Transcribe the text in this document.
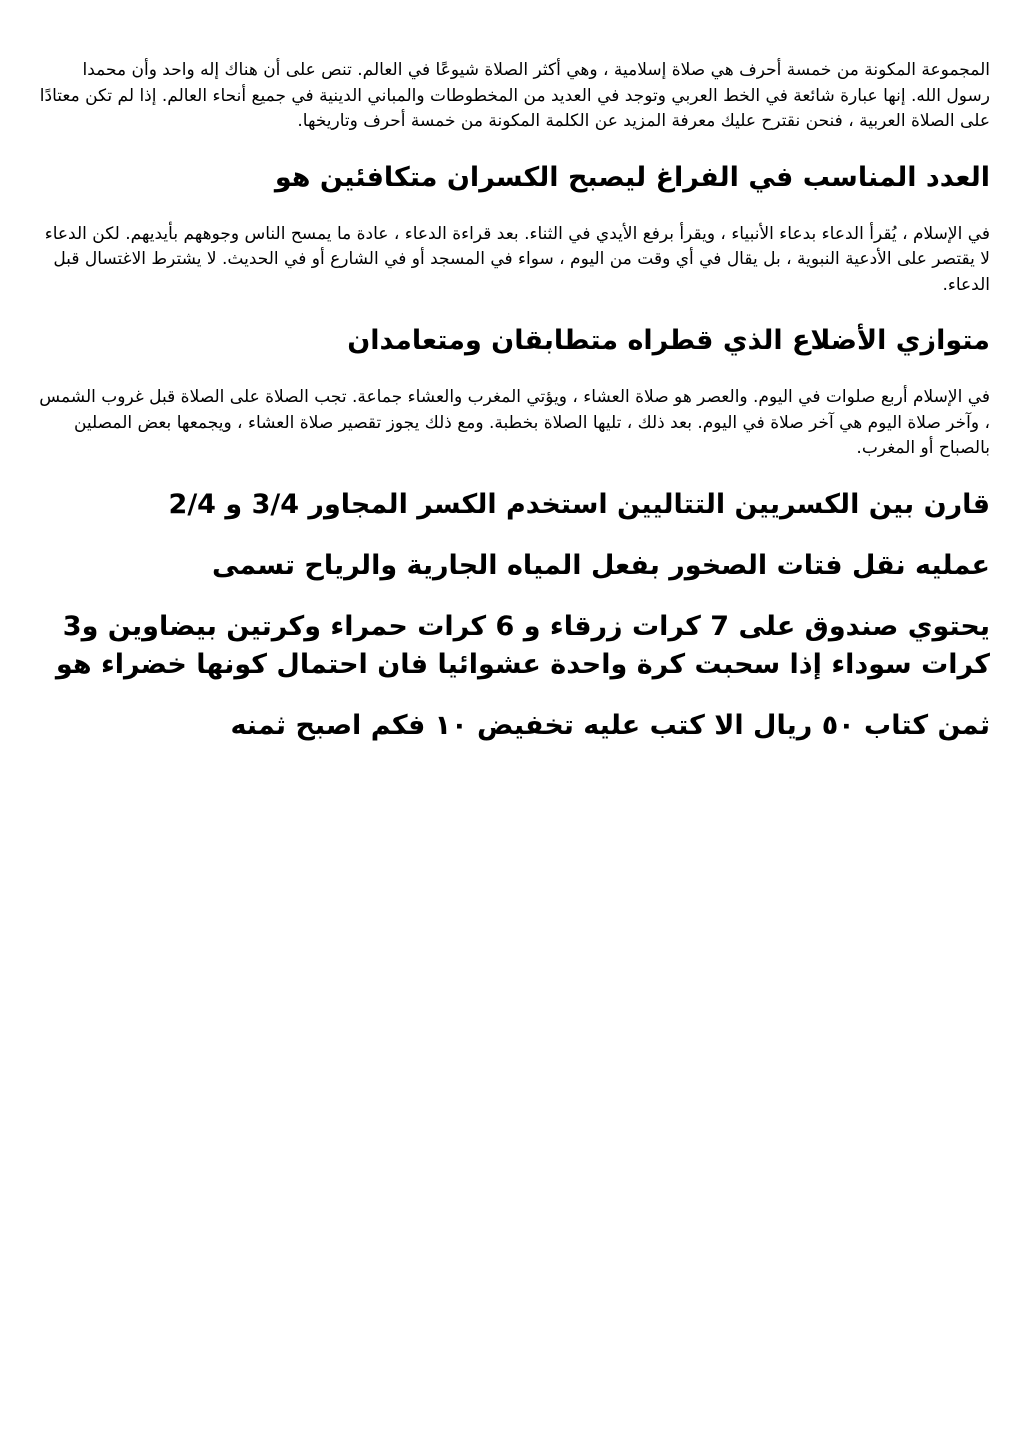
المجموعة المكونة من خمسة أحرف هي صلاة إسلامية ، وهي أكثر الصلاة شيوعًا في العالم. تنص على أن هناك إله واحد وأن محمدا رسول الله. إنها عبارة شائعة في الخط العربي وتوجد في العديد من المخطوطات والمباني الدينية في جميع أنحاء العالم. إذا لم تكن معتادًا على الصلاة العربية ، فنحن نقترح عليك معرفة المزيد عن الكلمة المكونة من خمسة أحرف وتاريخها.

العدد المناسب في الفراغ ليصبح الكسران متكافئين هو

في الإسلام ، يُقرأ الدعاء بدعاء الأنبياء ، ويقرأ برفع الأيدي في الثناء. بعد قراءة الدعاء ، عادة ما يمسح الناس وجوههم بأيديهم. لكن الدعاء لا يقتصر على الأدعية النبوية ، بل يقال في أي وقت من اليوم ، سواء في المسجد أو في الشارع أو في الحديث. لا يشترط الاغتسال قبل الدعاء.

متوازي الأضلاع الذي قطراه متطابقان ومتعامدان

في الإسلام أربع صلوات في اليوم. والعصر هو صلاة العشاء ، ويؤتي المغرب والعشاء جماعة. تجب الصلاة على الصلاة قبل غروب الشمس ، وآخر صلاة اليوم هي آخر صلاة في اليوم. بعد ذلك ، تليها الصلاة بخطبة. ومع ذلك يجوز تقصير صلاة العشاء ، ويجمعها بعض المصلين بالصباح أو المغرب.

قارن بين الكسريين التتاليين استخدم الكسر المجاور 3/4 و 2/4
عمليه نقل فتات الصخور بفعل المياه الجارية والرياح تسمى
يحتوي صندوق على 7 كرات زرقاء و 6 كرات حمراء وكرتين بيضاوين و3 كرات سوداء إذا سحبت كرة واحدة عشوائيا فان احتمال كونها خضراء هو
ثمن كتاب ٥٠ ريال الا كتب عليه تخفيض ١٠ فكم اصبح ثمنه
